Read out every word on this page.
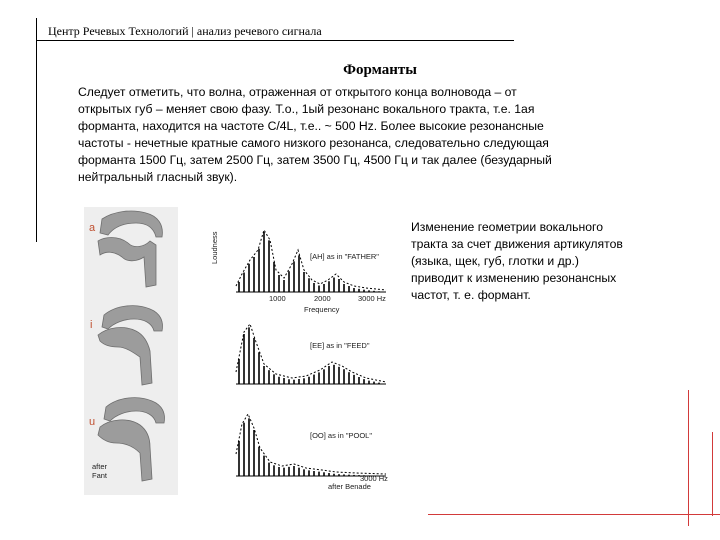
Центр Речевых Технологий | анализ речевого сигнала
Форманты
Следует отметить, что волна, отраженная от открытого конца волновода – от
открытых губ – меняет свою фазу. Т.о., 1ый резонанс вокального тракта, т.е. 1ая
форманта, находится на частоте C/4L, т.е.. ~ 500 Hz. Более высокие резонансные
частоты - нечетные кратные самого низкого резонанса, следовательно следующая
форманта 1500 Гц, затем 2500 Гц, затем 3500 Гц, 4500 Гц и так далее (безударный
нейтральный гласный звук).
Изменение геометрии вокального
тракта за счет движения артикулятов
(языка, щек, губ, глотки и др.)
приводит к изменению резонансных
частот, т. е. формант.
a
i
u
after
Fant
Loudness
Frequency
after Benade
[AH] as in "FATHER"
1000	2000	3000 Hz
[EE] as in "FEED"
[OO] as in "POOL"
3000 Hz
